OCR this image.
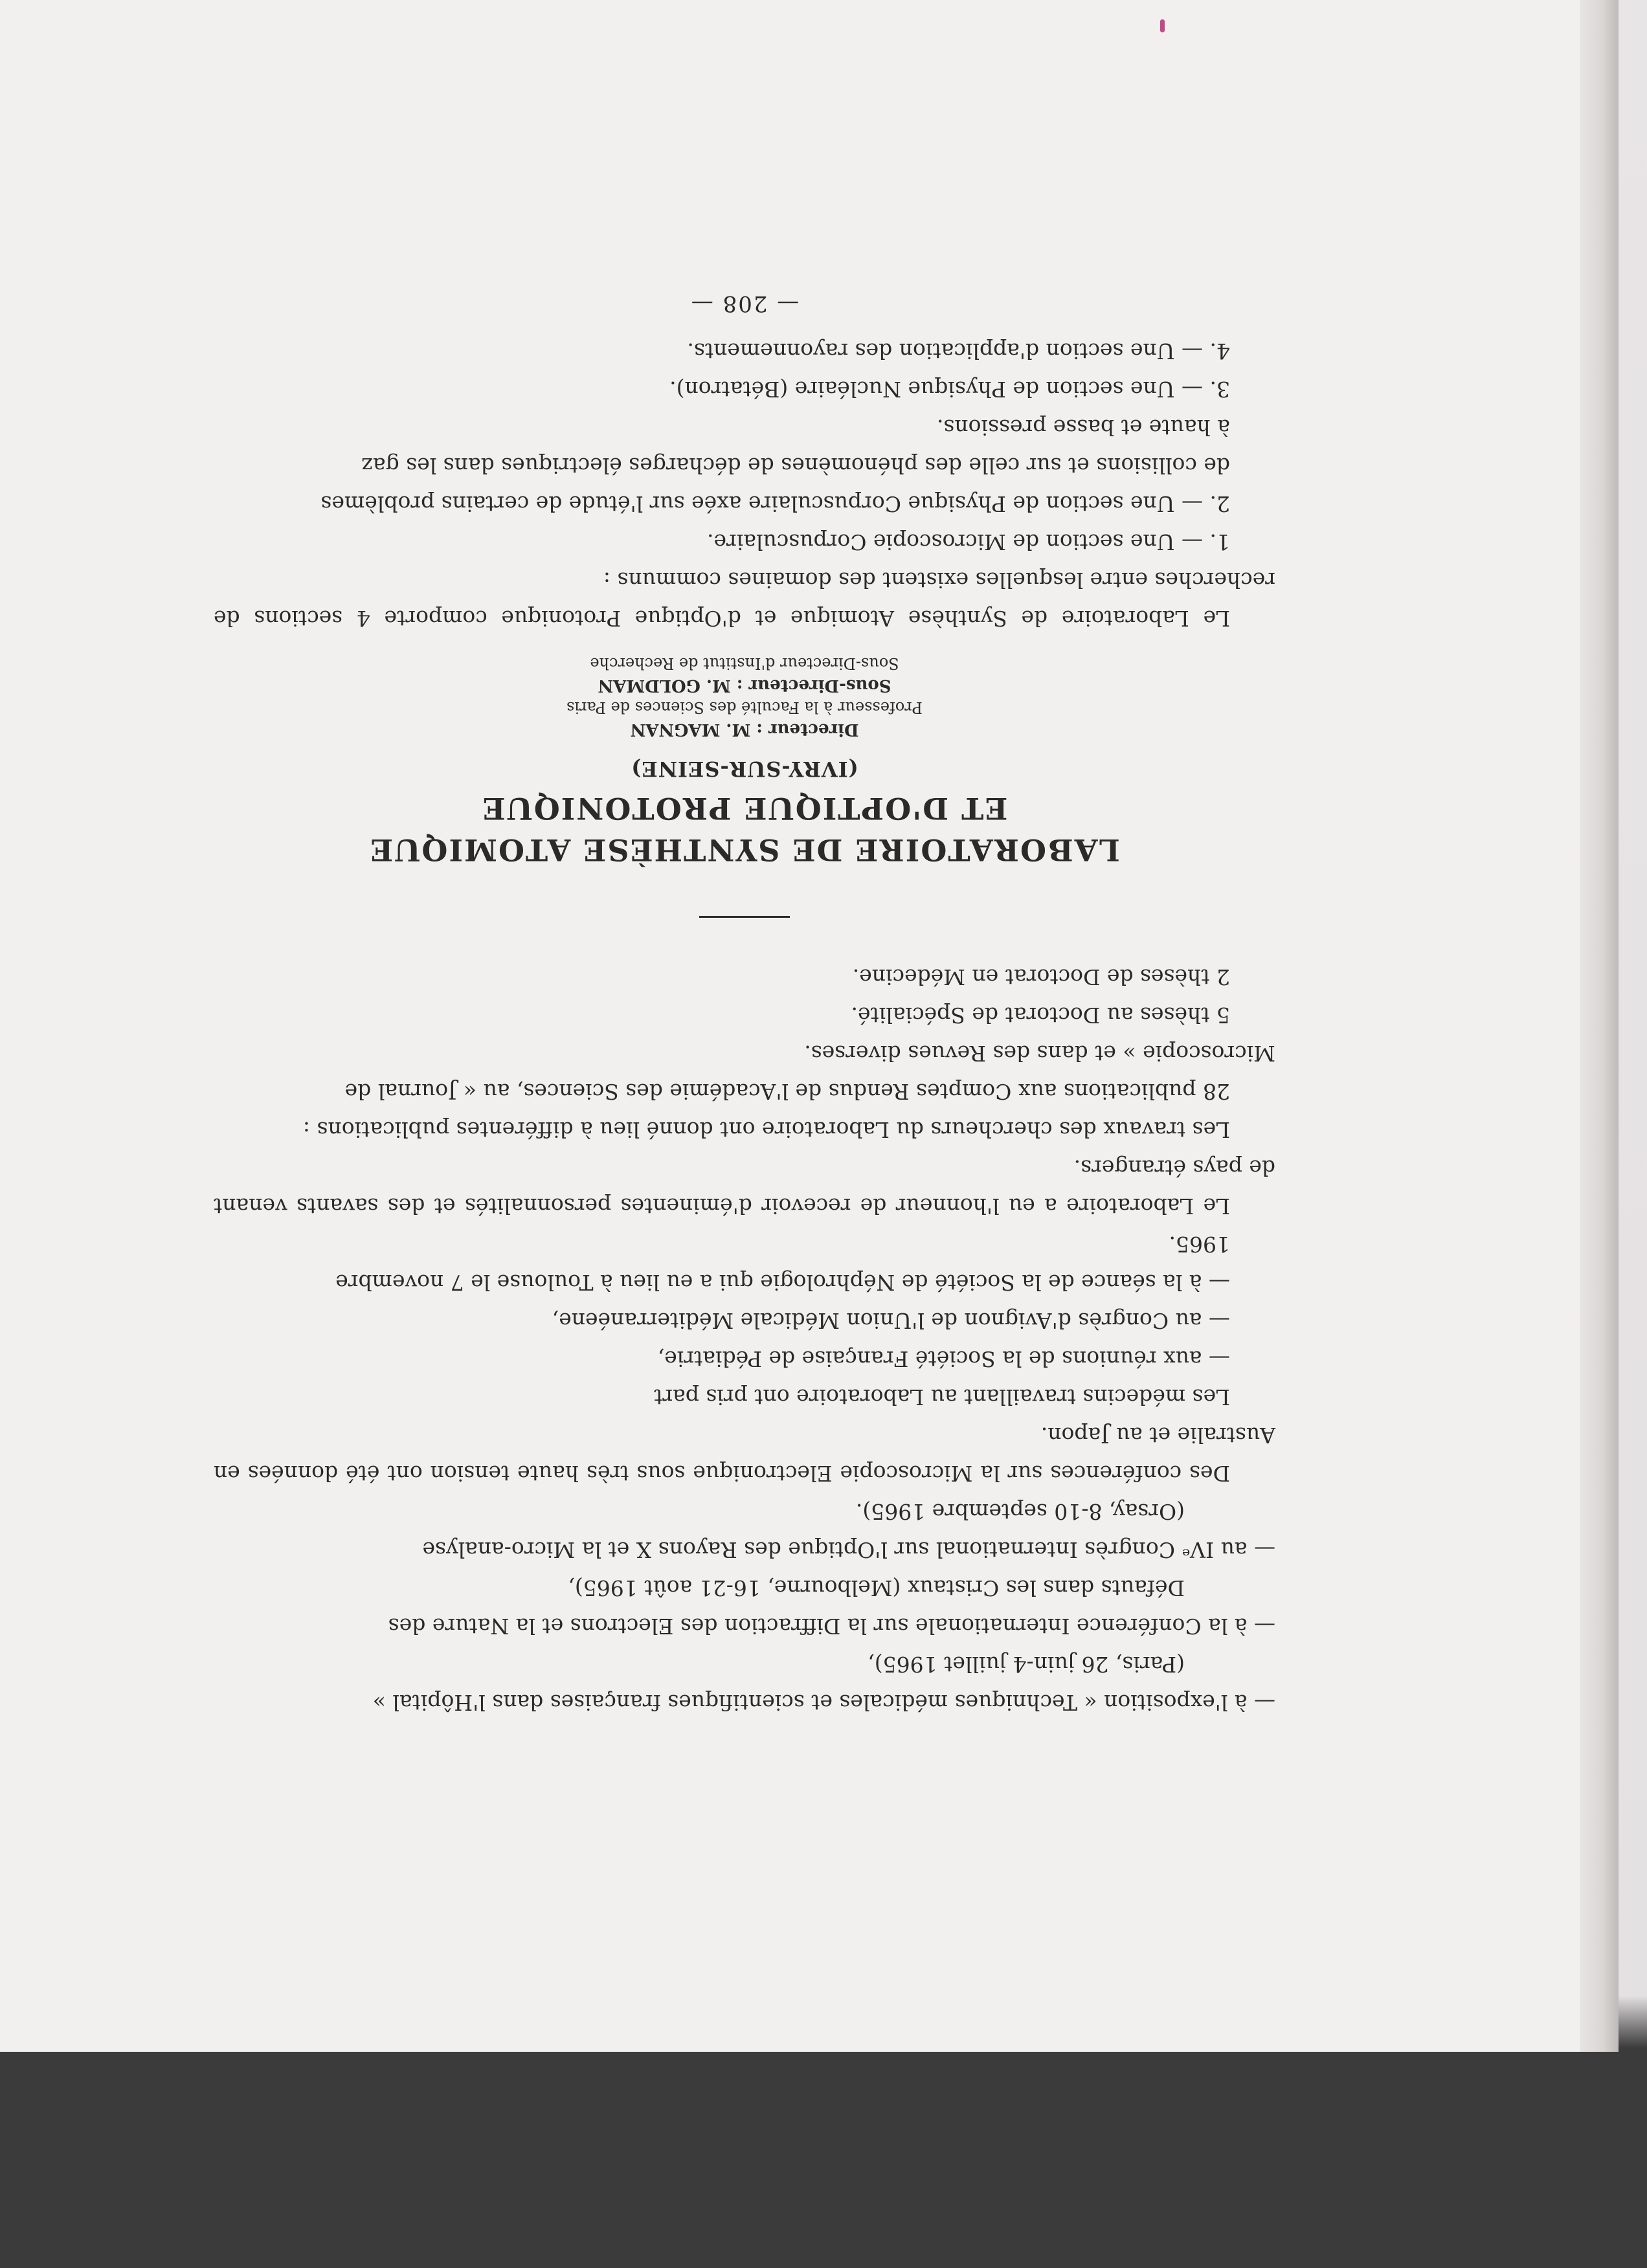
— à l'exposition « Techniques médicales et scientifiques françaises dans l'Hôpital »
(Paris, 26 juin-4 juillet 1965),

— à la Conférence Internationale sur la Diffraction des Electrons et la Nature des
Défauts dans les Cristaux (Melbourne, 16-21 août 1965),

— au IVᵉ Congrès International sur l'Optique des Rayons X et la Micro-analyse
(Orsay, 8-10 septembre 1965).

Des conférences sur la Microscopie Electronique sous très haute tension ont été données en Australie et au Japon.

Les médecins travaillant au Laboratoire ont pris part

— aux réunions de la Société Française de Pédiatrie,

— au Congrès d'Avignon de l'Union Médicale Méditerranéene,

— à la séance de la Société de Néphrologie qui a eu lieu à Toulouse le 7 novembre
1965.

Le Laboratoire a eu l'honneur de recevoir d'éminentes personnalités et des savants venant de pays étrangers.

Les travaux des chercheurs du Laboratoire ont donné lieu à différentes publications :

28 publications aux Comptes Rendus de l'Académie des Sciences, au « Journal de
Microscopie » et dans des Revues diverses.

5 thèses au Doctorat de Spécialité.

2 thèses de Doctorat en Médecine.

LABORATOIRE DE SYNTHÈSE ATOMIQUE
ET D'OPTIQUE PROTONIQUE
(IVRY-SUR-SEINE)
Directeur : M. MAGNAN
Professeur à la Faculté des Sciences de Paris
Sous-Directeur : M. GOLDMAN
Sous-Directeur d'Institut de Recherche

Le Laboratoire de Synthèse Atomique et d'Optique Protonique comporte 4 sections de recherches entre lesquelles existent des domaines communs :

1. — Une section de Microscopie Corpusculaire.

2. — Une section de Physique Corpusculaire axée sur l'étude de certains problèmes
de collisions et sur celle des phénomènes de décharges électriques dans les gaz
à haute et basse pressions.

3. — Une section de Physique Nucléaire (Bétatron).

4. — Une section d'application des rayonnements.

— 208 —
